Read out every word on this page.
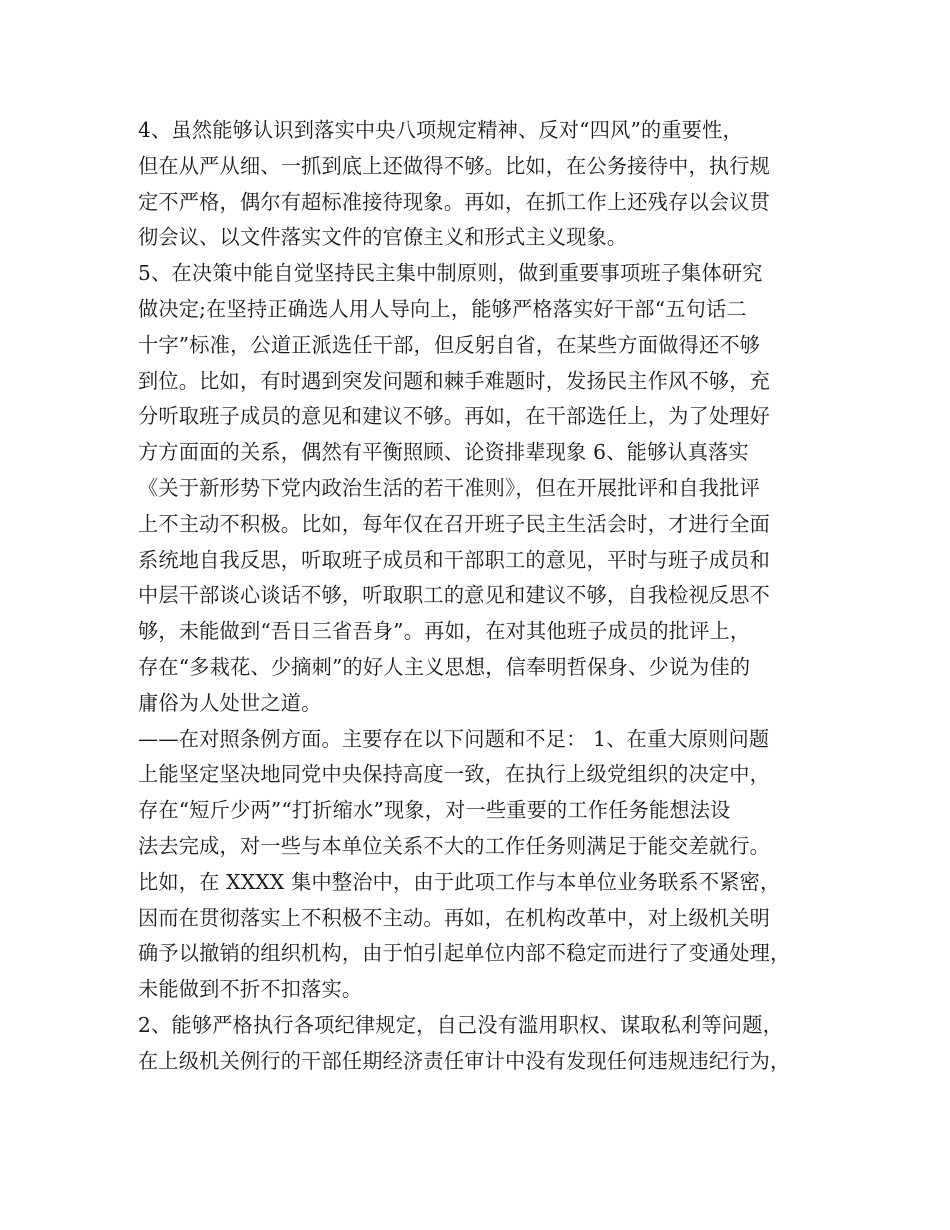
4、虽然能够认识到落实中央八项规定精神、反对“四风”的重要性，
但在从严从细、一抓到底上还做得不够。比如，在公务接待中，执行规
定不严格，偶尔有超标准接待现象。再如，在抓工作上还残存以会议贯
彻会议、以文件落实文件的官僚主义和形式主义现象。
5、在决策中能自觉坚持民主集中制原则，做到重要事项班子集体研究
做决定;在坚持正确选人用人导向上，能够严格落实好干部“五句话二
十字”标准，公道正派选任干部，但反躬自省，在某些方面做得还不够
到位。比如，有时遇到突发问题和棘手难题时，发扬民主作风不够，充
分听取班子成员的意见和建议不够。再如，在干部选任上，为了处理好
方方面面的关系，偶然有平衡照顾、论资排辈现象 6、能够认真落实
《关于新形势下党内政治生活的若干准则》，但在开展批评和自我批评
上不主动不积极。比如，每年仅在召开班子民主生活会时，才进行全面
系统地自我反思，听取班子成员和干部职工的意见，平时与班子成员和
中层干部谈心谈话不够，听取职工的意见和建议不够，自我检视反思不
够，未能做到“吾日三省吾身”。再如，在对其他班子成员的批评上，
存在“多栽花、少摘刺”的好人主义思想，信奉明哲保身、少说为佳的
庸俗为人处世之道。
——在对照条例方面。主要存在以下问题和不足： 1、在重大原则问题
上能坚定坚决地同党中央保持高度一致，在执行上级党组织的决定中，
存在“短斤少两”“打折缩水”现象，对一些重要的工作任务能想法设
法去完成，对一些与本单位关系不大的工作任务则满足于能交差就行。
比如，在 XXXX 集中整治中，由于此项工作与本单位业务联系不紧密，
因而在贯彻落实上不积极不主动。再如，在机构改革中，对上级机关明
确予以撤销的组织机构，由于怕引起单位内部不稳定而进行了变通处理，
未能做到不折不扣落实。
2、能够严格执行各项纪律规定，自己没有滥用职权、谋取私利等问题，
在上级机关例行的干部任期经济责任审计中没有发现任何违规违纪行为，
